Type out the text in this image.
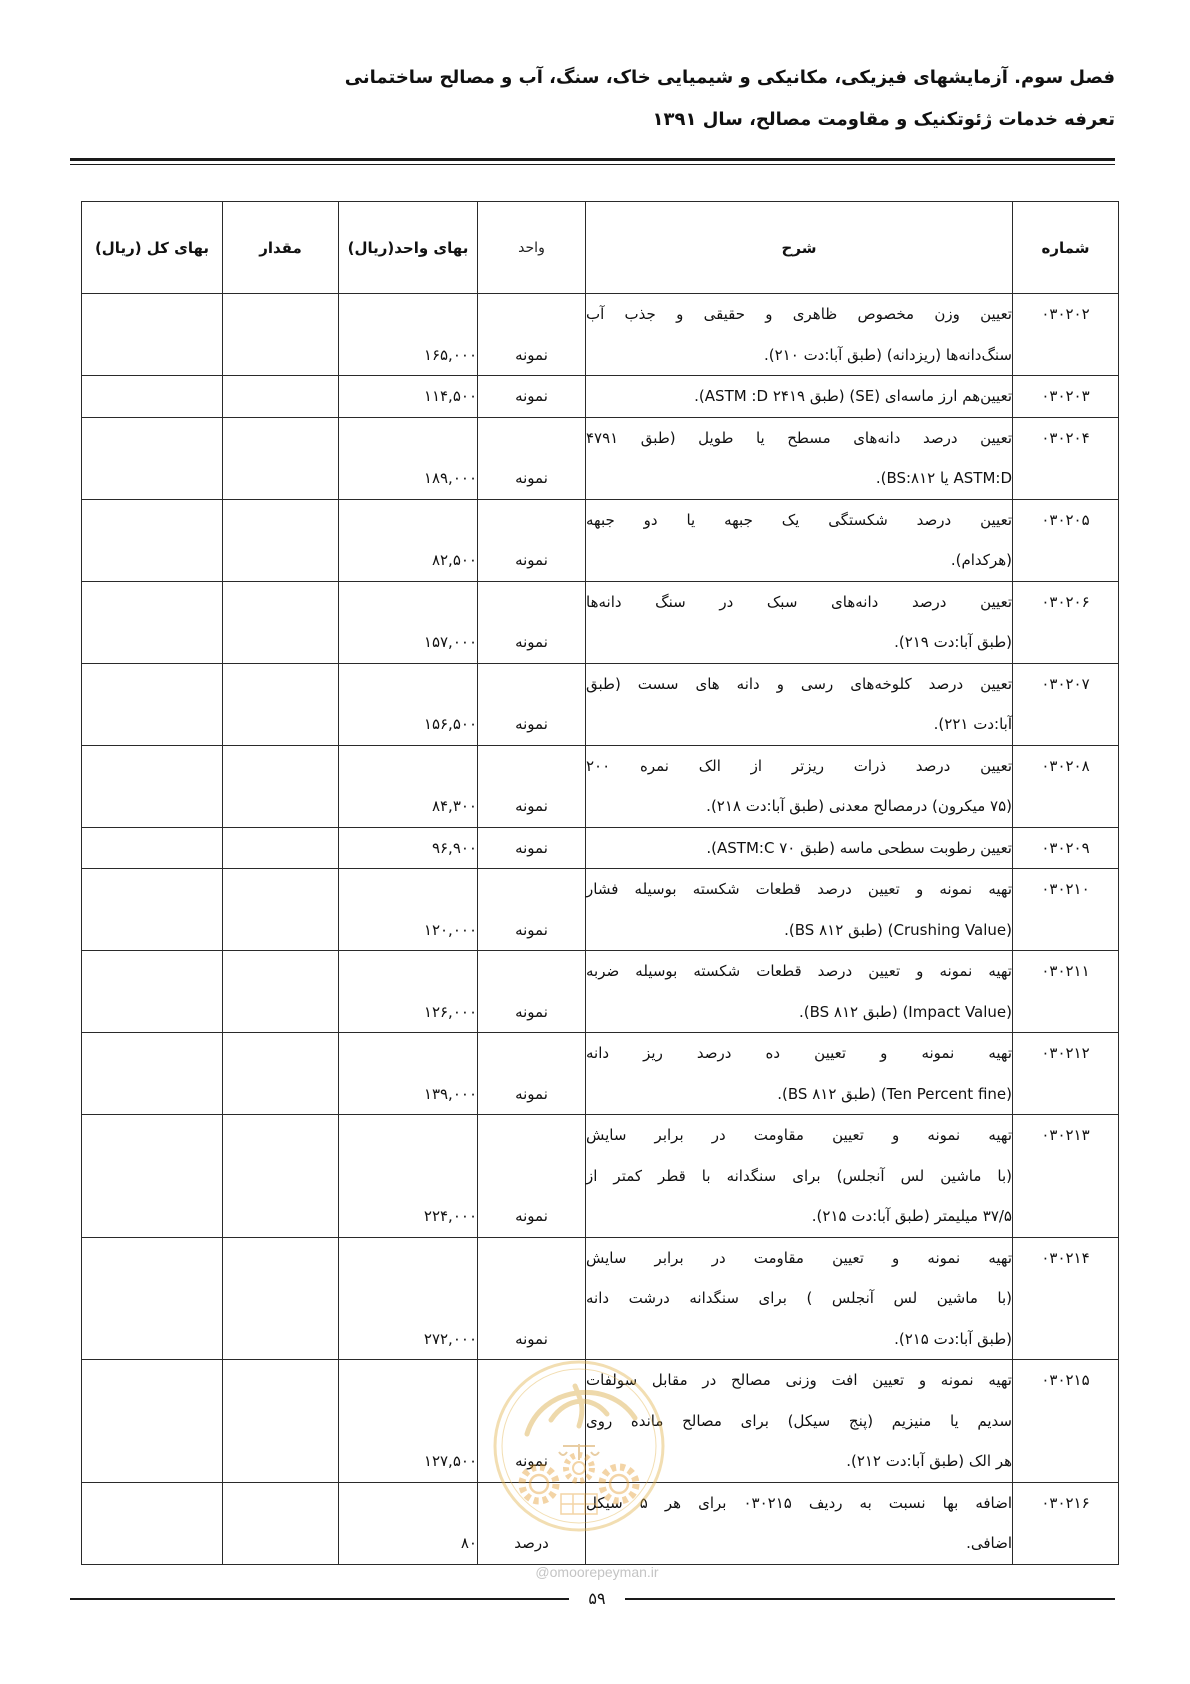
فصل سوم. آزمایشهای فیزیکی، مکانیکی و شیمیایی خاک، سنگ، آب و مصالح ساختمانی
تعرفه خدمات ژئوتکنیک و مقاومت مصالح، سال ۱۳۹۱
شماره	شرح	واحد	بهای واحد(ریال)	مقدار	بهای کل (ریال)
۰۳۰۲۰۲	تعیین وزن مخصوص ظاهری و حقیقی و جذب آب
سنگ‌دانه‌ها (ریزدانه) (طبق آبا:دت ۲۱۰).	نمونه	۱۶۵,۰۰۰		
۰۳۰۲۰۳	تعیین‌هم ارز ماسه‌ای (SE) (طبق ۲۴۱۹ ASTM :D).	نمونه	۱۱۴,۵۰۰		
۰۳۰۲۰۴	تعیین درصد دانه‌های مسطح یا طویل (طبق ۴۷۹۱
ASTM:D یا BS:۸۱۲).	نمونه	۱۸۹,۰۰۰		
۰۳۰۲۰۵	تعیین درصد شکستگی یک جبهه یا دو جبهه
(هرکدام).	نمونه	۸۲,۵۰۰		
۰۳۰۲۰۶	تعیین درصد دانه‌های سبک در سنگ دانه‌ها
(طبق آبا:دت ۲۱۹).	نمونه	۱۵۷,۰۰۰		
۰۳۰۲۰۷	تعیین درصد کلوخه‌های رسی و دانه های سست (طبق
آبا:دت ۲۲۱).	نمونه	۱۵۶,۵۰۰		
۰۳۰۲۰۸	تعیین درصد ذرات ریزتر از الک نمره ۲۰۰
(۷۵ میکرون) درمصالح معدنی (طبق آبا:دت ۲۱۸).	نمونه	۸۴,۳۰۰		
۰۳۰۲۰۹	تعیین رطوبت سطحی ماسه (طبق ۷۰ ASTM:C).	نمونه	۹۶,۹۰۰		
۰۳۰۲۱۰	تهیه نمونه و تعیین درصد قطعات شکسته بوسیله فشار
(Crushing Value) (طبق ۸۱۲ BS).	نمونه	۱۲۰,۰۰۰		
۰۳۰۲۱۱	تهیه نمونه و تعیین درصد قطعات شکسته بوسیله ضربه
(Impact Value) (طبق ۸۱۲ BS).	نمونه	۱۲۶,۰۰۰		
۰۳۰۲۱۲	تهیه نمونه و تعیین ده درصد ریز دانه
(Ten Percent fine) (طبق ۸۱۲ BS).	نمونه	۱۳۹,۰۰۰		
۰۳۰۲۱۳	تهیه نمونه و تعیین مقاومت در برابر سایش
(با ماشین لس آنجلس) برای سنگدانه با قطر کمتر از
۳۷/۵ میلیمتر (طبق آبا:دت ۲۱۵).	نمونه	۲۲۴,۰۰۰		
۰۳۰۲۱۴	تهیه نمونه و تعیین مقاومت در برابر سایش
(با ماشین لس آنجلس ) برای سنگدانه درشت دانه
(طبق آبا:دت ۲۱۵).	نمونه	۲۷۲,۰۰۰		
۰۳۰۲۱۵	تهیه نمونه و تعیین افت وزنی مصالح در مقابل سولفات
سدیم یا منیزیم (پنج سیکل) برای مصالح مانده روی
هر الک (طبق آبا:دت ۲۱۲).	نمونه	۱۲۷,۵۰۰		
۰۳۰۲۱۶	اضافه بها نسبت به ردیف ۰۳۰۲۱۵ برای هر ۵ سیکل
اضافی.	درصد	۸۰		
@omoorepeyman.ir
۵۹
